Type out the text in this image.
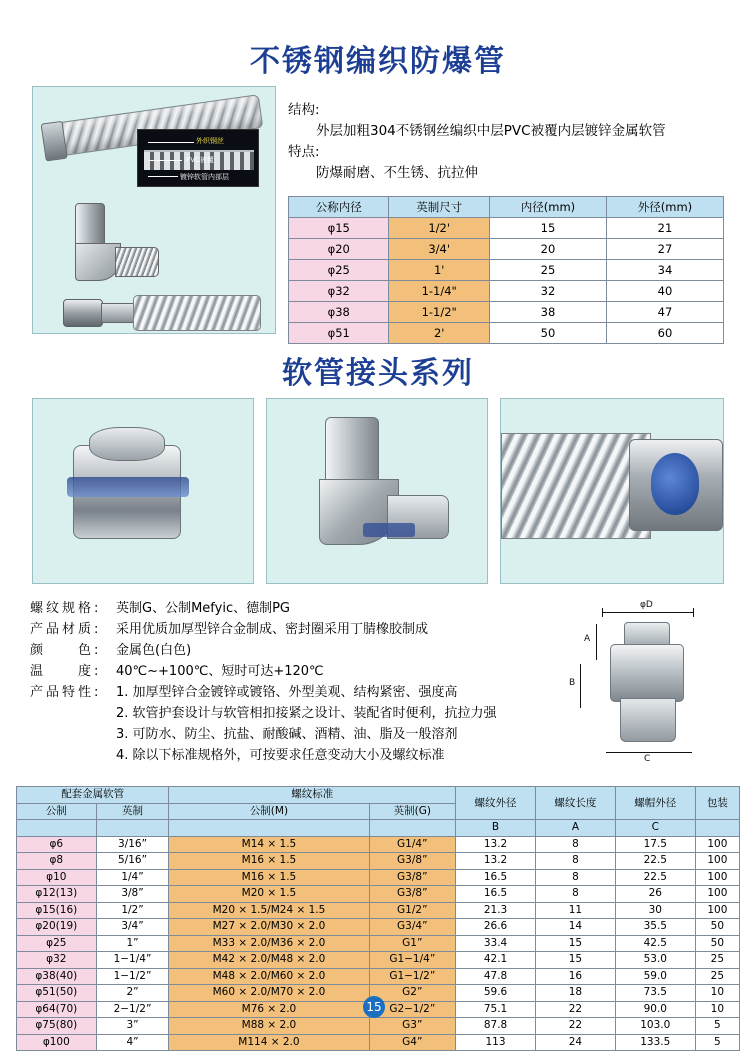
不锈钢编织防爆管
外织钢丝
PVC被覆
镀锌软管内部层
结构:
外层加粗304不锈钢丝编织中层PVC被覆内层镀锌金属软管
特点:
防爆耐磨、不生锈、抗拉伸
公称内径	英制尺寸	内径(mm)	外径(mm)
φ15	1/2'	15	21
φ20	3/4'	20	27
φ25	1'	25	34
φ32	1-1/4"	32	40
φ38	1-1/2"	38	47
φ51	2'	50	60
软管接头系列
螺纹规格: 英制G、公制Mefyic、德制PG
产品材质: 采用优质加厚型锌合金制成、密封圈采用丁腈橡胶制成
颜　　色: 金属色(白色)
温　　度: 40℃~+100℃、短时可达+120℃
产品特性: 1. 加厚型锌合金镀锌或镀铬、外型美观、结构紧密、强度高
2. 软管护套设计与软管相扣接紧之设计、装配省时便利，抗拉力强
3. 可防水、防尘、抗盐、耐酸碱、酒精、油、脂及一般溶剂
4. 除以下标准规格外，可按要求任意变动大小及螺纹标准
φD
A
B
C
配套金属软管		螺纹标准		螺纹外径	螺纹长度	螺帽外径	包装
公制	英制	公制(M)	英制(G)				
				B	A	C	
φ6	3/16”	M14 × 1.5	G1/4”	13.2	8	17.5	100
φ8	5/16”	M16 × 1.5	G3/8”	13.2	8	22.5	100
φ10	1/4”	M16 × 1.5	G3/8”	16.5	8	22.5	100
φ12(13)	3/8”	M20 × 1.5	G3/8”	16.5	8	26	100
φ15(16)	1/2”	M20 × 1.5/M24 × 1.5	G1/2”	21.3	11	30	100
φ20(19)	3/4”	M27 × 2.0/M30 × 2.0	G3/4”	26.6	14	35.5	50
φ25	1”	M33 × 2.0/M36 × 2.0	G1”	33.4	15	42.5	50
φ32	1−1/4”	M42 × 2.0/M48 × 2.0	G1−1/4”	42.1	15	53.0	25
φ38(40)	1−1/2”	M48 × 2.0/M60 × 2.0	G1−1/2”	47.8	16	59.0	25
φ51(50)	2”	M60 × 2.0/M70 × 2.0	G2”	59.6	18	73.5	10
φ64(70)	2−1/2”	M76 × 2.0	G2−1/2”	75.1	22	90.0	10
φ75(80)	3”	M88 × 2.0	G3”	87.8	22	103.0	5
φ100	4”	M114 × 2.0	G4”	113	24	133.5	5
15
